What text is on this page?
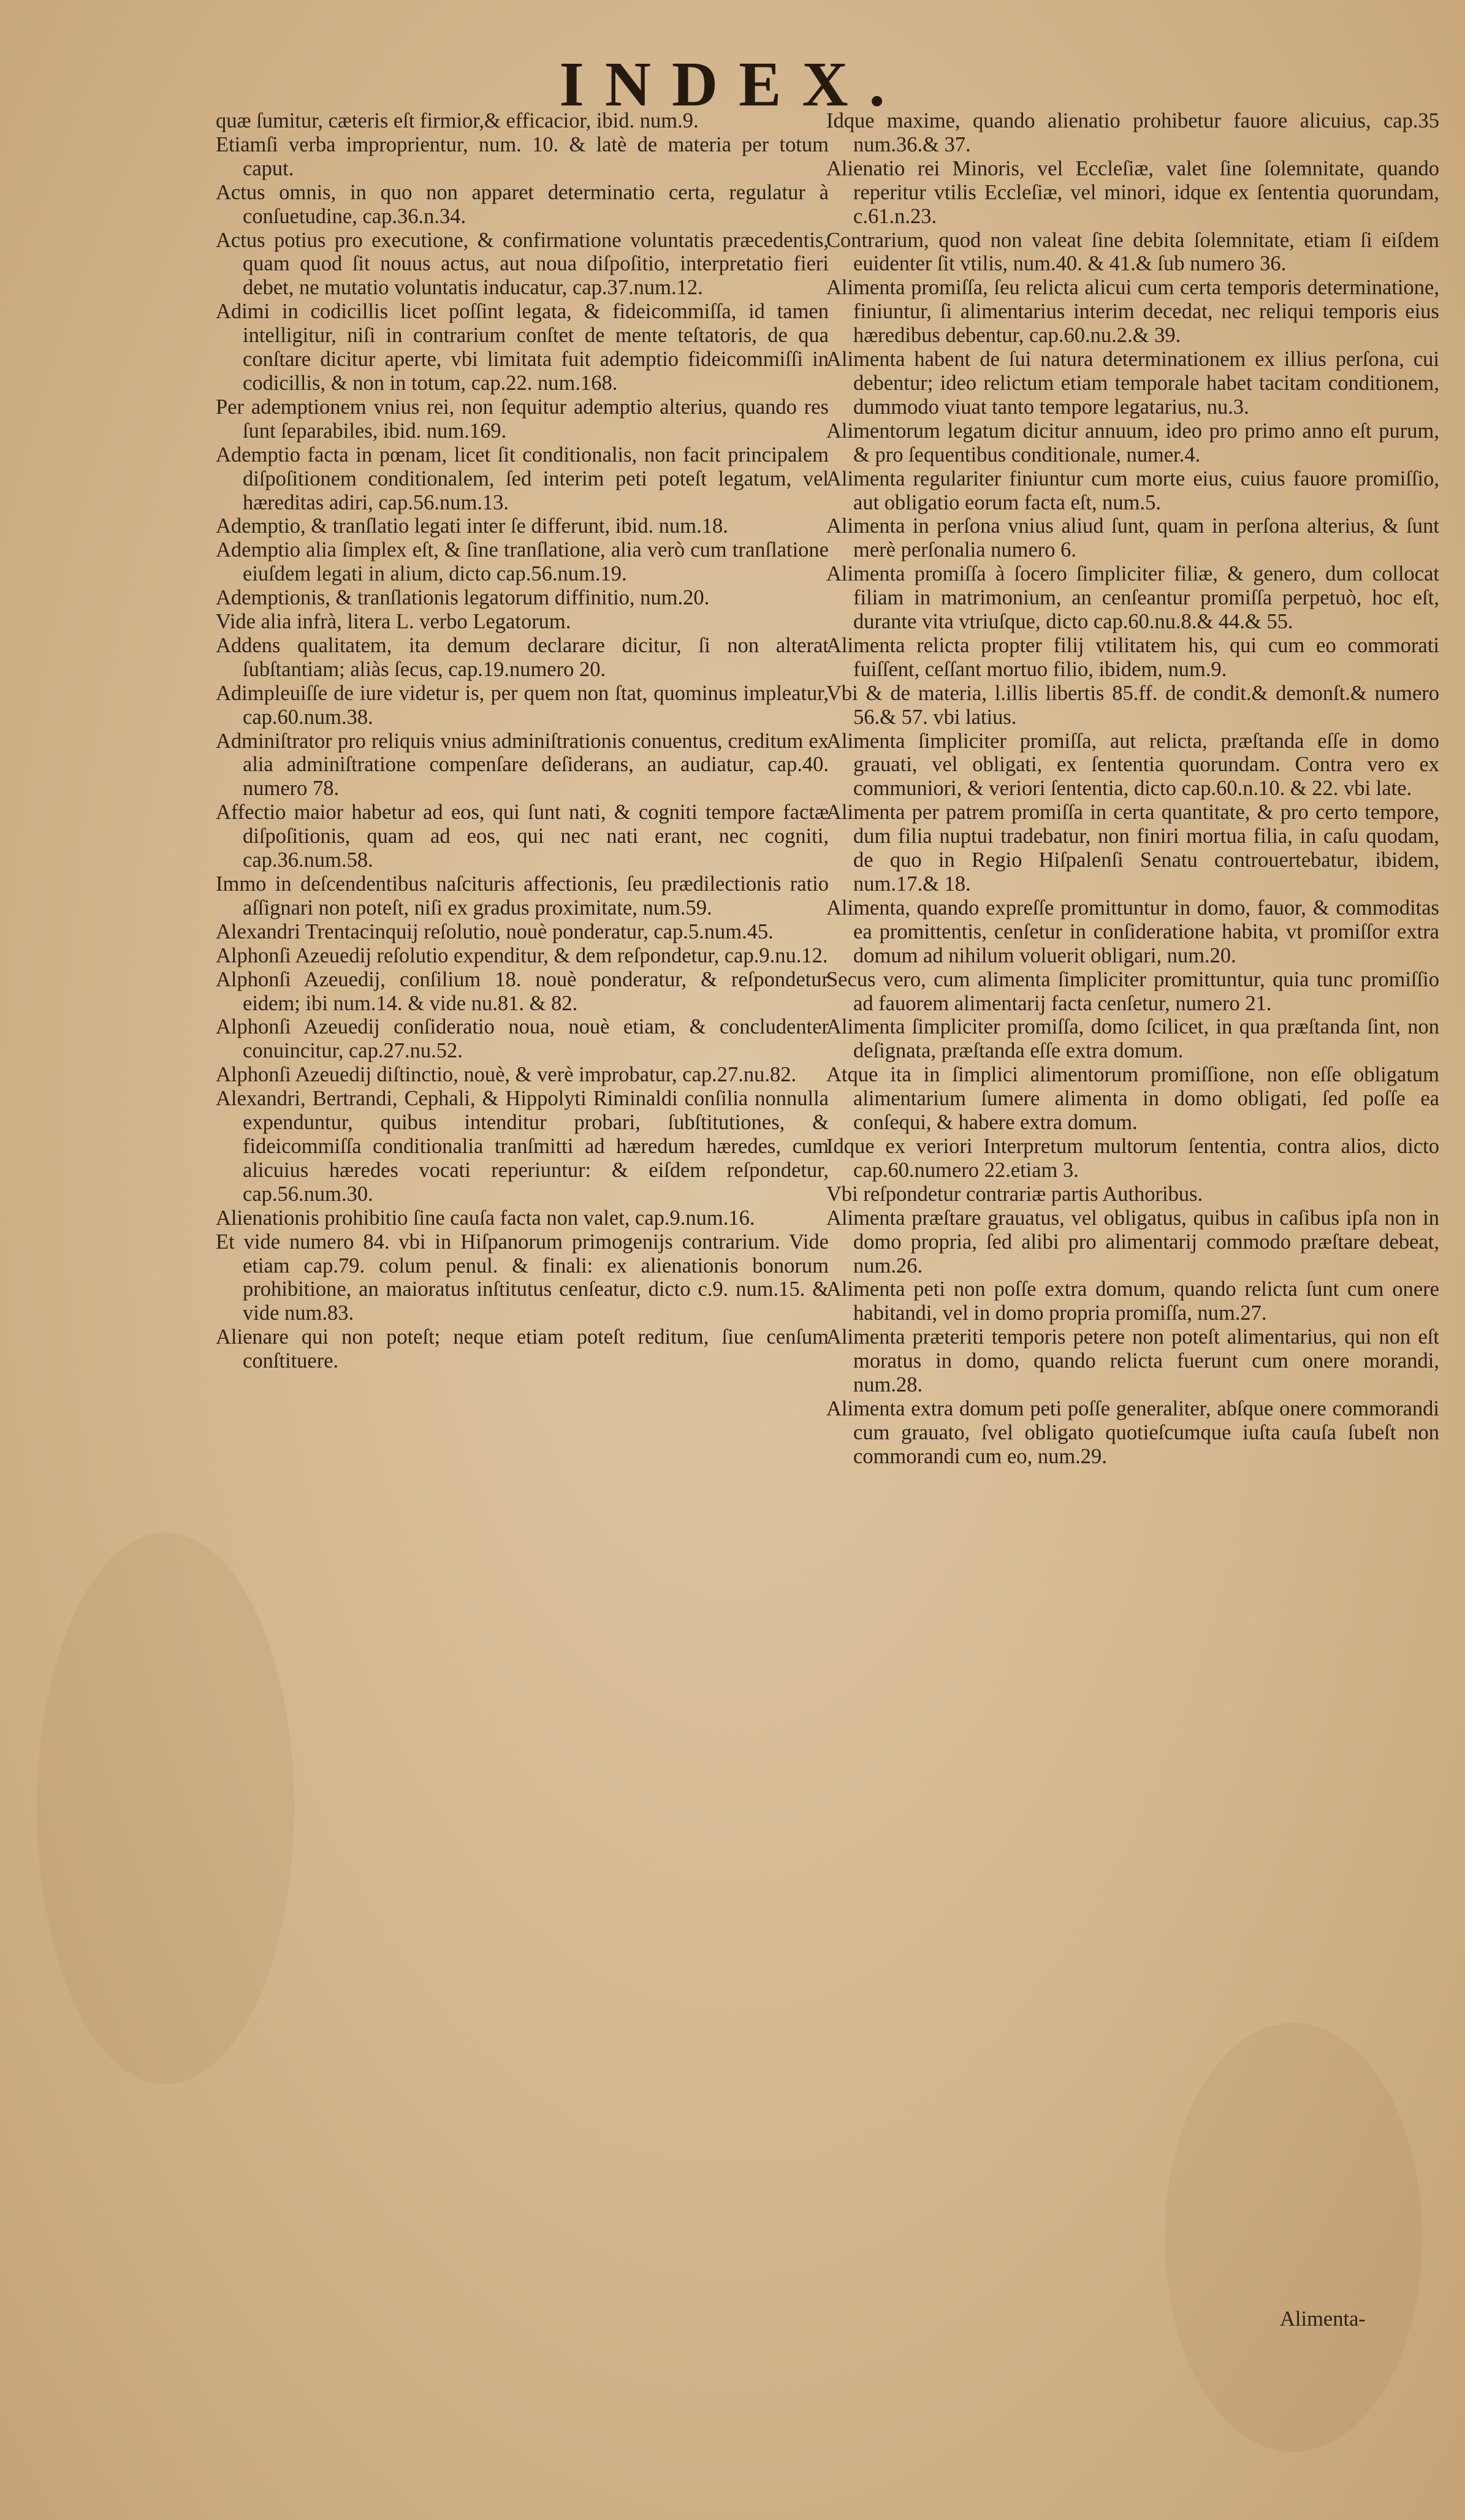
INDEX.

quæ ſumitur, cæteris eſt firmior,& efficacior, ibid. num.9.

Etiamſi verba improprientur, num. 10. & latè de materia per totum caput.

Actus omnis, in quo non apparet determinatio certa, regulatur à conſuetudine, cap.36.n.34.

Actus potius pro executione, & confirmatione voluntatis præcedentis, quam quod ſit nouus actus, aut noua diſpoſitio, interpretatio fieri debet, ne mutatio voluntatis inducatur, cap.37.num.12.

Adimi in codicillis licet poſſint legata, & fideicommiſſa, id tamen intelligitur, niſi in contrarium conſtet de mente teſtatoris, de qua conſtare dicitur aperte, vbi limitata fuit ademptio fideicommiſſi in codicillis, & non in totum, cap.22. num.168.

Per ademptionem vnius rei, non ſequitur ademptio alterius, quando res ſunt ſeparabiles, ibid. num.169.

Ademptio facta in pœnam, licet ſit conditionalis, non facit principalem diſpoſitionem conditionalem, ſed interim peti poteſt legatum, vel hæreditas adiri, cap.56.num.13.

Ademptio, & tranſlatio legati inter ſe differunt, ibid. num.18.

Ademptio alia ſimplex eſt, & ſine tranſlatione, alia verò cum tranſlatione eiuſdem legati in alium, dicto cap.56.num.19.

Ademptionis, & tranſlationis legatorum diffinitio, num.20.

Vide alia infrà, litera L. verbo Legatorum.

Addens qualitatem, ita demum declarare dicitur, ſi non alterat ſubſtantiam; aliàs ſecus, cap.19.numero 20.

Adimpleuiſſe de iure videtur is, per quem non ſtat, quominus impleatur, cap.60.num.38.

Adminiſtrator pro reliquis vnius adminiſtrationis conuentus, creditum ex alia adminiſtratione compenſare deſiderans, an audiatur, cap.40. numero 78.

Affectio maior habetur ad eos, qui ſunt nati, & cogniti tempore factæ diſpoſitionis, quam ad eos, qui nec nati erant, nec cogniti, cap.36.num.58.

Immo in deſcendentibus naſcituris affectionis, ſeu prædilectionis ratio aſſignari non poteſt, niſi ex gradus proximitate, num.59.

Alexandri Trentacinquij reſolutio, nouè ponderatur, cap.5.num.45.

Alphonſi Azeuedij reſolutio expenditur, & dem reſpondetur, cap.9.nu.12.

Alphonſi Azeuedij, conſilium 18. nouè ponderatur, & reſpondetur eidem; ibi num.14. & vide nu.81. & 82.

Alphonſi Azeuedij conſideratio noua, nouè etiam, & concludenter conuincitur, cap.27.nu.52.

Alphonſi Azeuedij diſtinctio, nouè, & verè improbatur, cap.27.nu.82.

Alexandri, Bertrandi, Cephali, & Hippolyti Riminaldi conſilia nonnulla expenduntur, quibus intenditur probari, ſubſtitutiones, & fideicommiſſa conditionalia tranſmitti ad hæredum hæredes, cum alicuius hæredes vocati reperiuntur: & eiſdem reſpondetur, cap.56.num.30.

Alienationis prohibitio ſine cauſa facta non valet, cap.9.num.16.

Et vide numero 84. vbi in Hiſpanorum primogenijs contrarium. Vide etiam cap.79. colum penul. & finali: ex alienationis bonorum prohibitione, an maioratus inſtitutus cenſeatur, dicto c.9. num.15. & vide num.83.

Alienare qui non poteſt; neque etiam poteſt reditum, ſiue cenſum conſtituere.

Idque maxime, quando alienatio prohibetur fauore alicuius, cap.35 num.36.& 37.

Alienatio rei Minoris, vel Eccleſiæ, valet ſine ſolemnitate, quando reperitur vtilis Eccleſiæ, vel minori, idque ex ſententia quorundam, c.61.n.23.

Contrarium, quod non valeat ſine debita ſolemnitate, etiam ſi eiſdem euidenter ſit vtilis, num.40. & 41.& ſub numero 36.

Alimenta promiſſa, ſeu relicta alicui cum certa temporis determinatione, finiuntur, ſi alimentarius interim decedat, nec reliqui temporis eius hæredibus debentur, cap.60.nu.2.& 39.

Alimenta habent de ſui natura determinationem ex illius perſona, cui debentur; ideo relictum etiam temporale habet tacitam conditionem, dummodo viuat tanto tempore legatarius, nu.3.

Alimentorum legatum dicitur annuum, ideo pro primo anno eſt purum, & pro ſequentibus conditionale, numer.4.

Alimenta regulariter finiuntur cum morte eius, cuius fauore promiſſio, aut obligatio eorum facta eſt, num.5.

Alimenta in perſona vnius aliud ſunt, quam in perſona alterius, & ſunt merè perſonalia numero 6.

Alimenta promiſſa à ſocero ſimpliciter filiæ, & genero, dum collocat filiam in matrimonium, an cenſeantur promiſſa perpetuò, hoc eſt, durante vita vtriuſque, dicto cap.60.nu.8.& 44.& 55.

Alimenta relicta propter filij vtilitatem his, qui cum eo commorati fuiſſent, ceſſant mortuo filio, ibidem, num.9.

Vbi & de materia, l.illis libertis 85.ff. de condit.& demonſt.& numero 56.& 57. vbi latius.

Alimenta ſimpliciter promiſſa, aut relicta, præſtanda eſſe in domo grauati, vel obligati, ex ſententia quorundam. Contra vero ex communiori, & veriori ſententia, dicto cap.60.n.10. & 22. vbi late.

Alimenta per patrem promiſſa in certa quantitate, & pro certo tempore, dum filia nuptui tradebatur, non finiri mortua filia, in caſu quodam, de quo in Regio Hiſpalenſi Senatu controuertebatur, ibidem, num.17.& 18.

Alimenta, quando expreſſe promittuntur in domo, fauor, & commoditas ea promittentis, cenſetur in conſideratione habita, vt promiſſor extra domum ad nihilum voluerit obligari, num.20.

Secus vero, cum alimenta ſimpliciter promittuntur, quia tunc promiſſio ad fauorem alimentarij facta cenſetur, numero 21.

Alimenta ſimpliciter promiſſa, domo ſcilicet, in qua præſtanda ſint, non deſignata, præſtanda eſſe extra domum.

Atque ita in ſimplici alimentorum promiſſione, non eſſe obligatum alimentarium ſumere alimenta in domo obligati, ſed poſſe ea conſequi, & habere extra domum.

Idque ex veriori Interpretum multorum ſententia, contra alios, dicto cap.60.numero 22.etiam 3.

Vbi reſpondetur contrariæ partis Authoribus.

Alimenta præſtare grauatus, vel obligatus, quibus in caſibus ipſa non in domo propria, ſed alibi pro alimentarij commodo præſtare debeat, num.26.

Alimenta peti non poſſe extra domum, quando relicta ſunt cum onere habitandi, vel in domo propria promiſſa, num.27.

Alimenta præteriti temporis petere non poteſt alimentarius, qui non eſt moratus in domo, quando relicta fuerunt cum onere morandi, num.28.

Alimenta extra domum peti poſſe generaliter, abſque onere commorandi cum grauato, ſvel obligato quotieſcumque iuſta cauſa ſubeſt non commorandi cum eo, num.29.

Alimenta-
